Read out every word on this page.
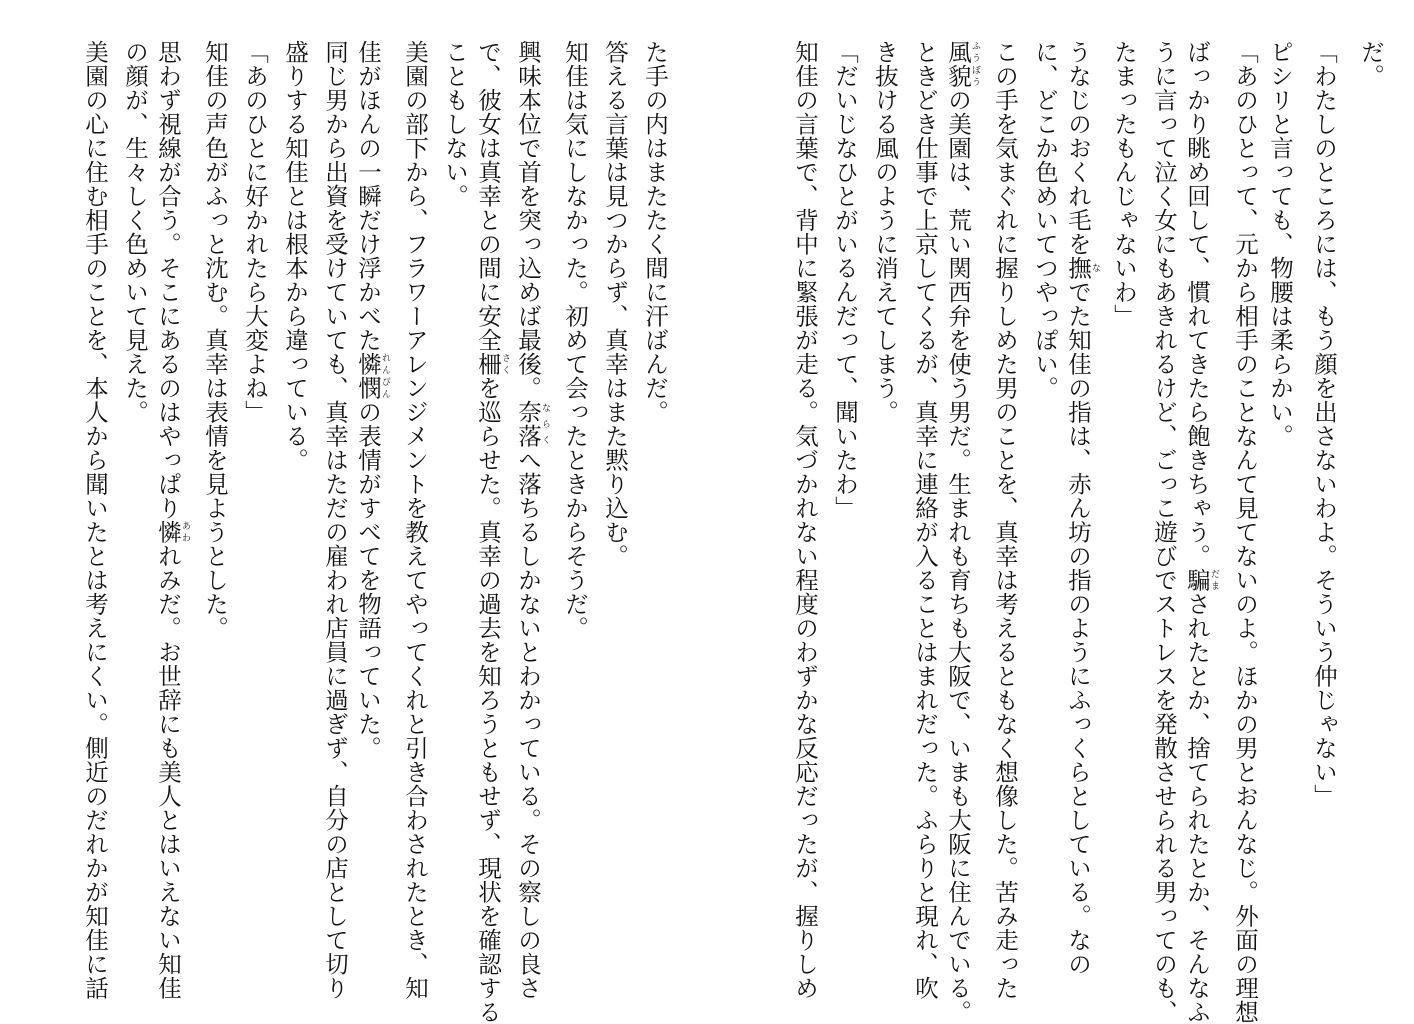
だ。
「わたしのところには、もう顔を出さないわよ。そういう仲じゃない」
ピシリと言っても、物腰は柔らかい。
「あのひとって、元から相手のことなんて見てないのよ。ほかの男とおんなじ。外面の理想
ばっかり眺め回して、慣れてきたら飽きちゃう。騙だまされたとか、捨てられたとか、そんなふ
うに言って泣く女にもあきれるけど、ごっこ遊びでストレスを発散させられる男ってのも、
たまったもんじゃないわ」
うなじのおくれ毛を撫なでた知佳の指は、赤ん坊の指のようにふっくらとしている。なの
に、どこか色めいてつやっぽい。
この手を気まぐれに握りしめた男のことを、真幸は考えるともなく想像した。苦み走った
風貌ふうぼうの美園は、荒い関西弁を使う男だ。生まれも育ちも大阪で、いまも大阪に住んでいる。
ときどき仕事で上京してくるが、真幸に連絡が入ることはまれだった。ふらりと現れ、吹
き抜ける風のように消えてしまう。
「だいじなひとがいるんだって、聞いたわ」
知佳の言葉で、背中に緊張が走る。気づかれない程度のわずかな反応だったが、握りしめ
た手の内はまたたく間に汗ばんだ。
答える言葉は見つからず、真幸はまた黙り込む。
知佳は気にしなかった。初めて会ったときからそうだ。
興味本位で首を突っ込めば最後。奈落ならくへ落ちるしかないとわかっている。その察しの良さ
で、彼女は真幸との間に安全柵さくを巡らせた。真幸の過去を知ろうともせず、現状を確認する
こともしない。
美園の部下から、フラワーアレンジメントを教えてやってくれと引き合わされたとき、知
佳がほんの一瞬だけ浮かべた憐憫れんびんの表情がすべてを物語っていた。
同じ男から出資を受けていても、真幸はただの雇われ店員に過ぎず、自分の店として切り
盛りする知佳とは根本から違っている。
「あのひとに好かれたら大変よね」
知佳の声色がふっと沈む。真幸は表情を見ようとした。
思わず視線が合う。そこにあるのはやっぱり憐あわれみだ。お世辞にも美人とはいえない知佳
の顔が、生々しく色めいて見えた。
美園の心に住む相手のことを、本人から聞いたとは考えにくい。側近のだれかが知佳に話
